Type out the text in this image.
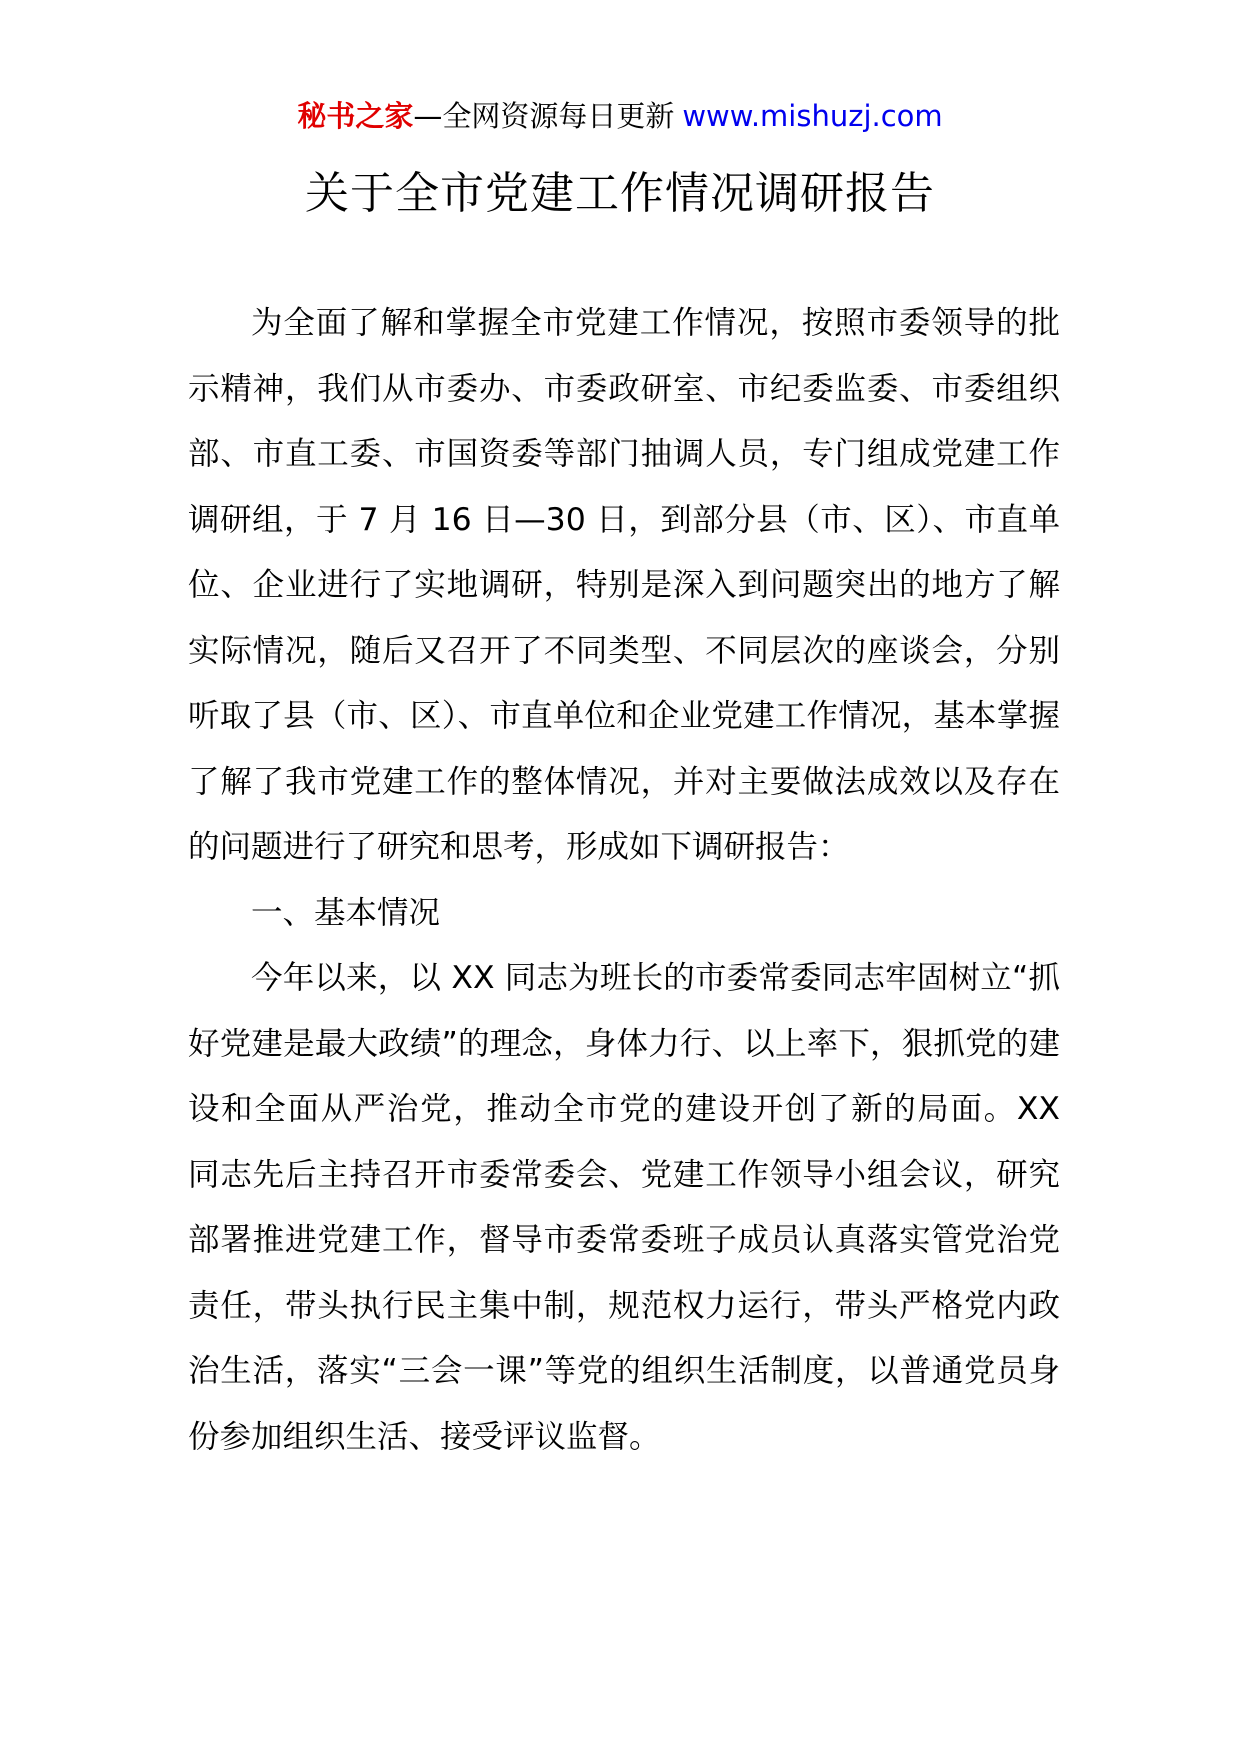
秘书之家—全网资源每日更新 www.mishuzj.com
关于全市党建工作情况调研报告

为全面了解和掌握全市党建工作情况，按照市委领导的批示精神，我们从市委办、市委政研室、市纪委监委、市委组织部、市直工委、市国资委等部门抽调人员，专门组成党建工作调研组，于 7 月 16 日—30 日，到部分县（市、区）、市直单位、企业进行了实地调研，特别是深入到问题突出的地方了解实际情况，随后又召开了不同类型、不同层次的座谈会，分别听取了县（市、区）、市直单位和企业党建工作情况，基本掌握了解了我市党建工作的整体情况，并对主要做法成效以及存在的问题进行了研究和思考，形成如下调研报告：

一、基本情况

今年以来，以 XX 同志为班长的市委常委同志牢固树立“抓好党建是最大政绩”的理念，身体力行、以上率下，狠抓党的建设和全面从严治党，推动全市党的建设开创了新的局面。XX 同志先后主持召开市委常委会、党建工作领导小组会议，研究部署推进党建工作，督导市委常委班子成员认真落实管党治党责任，带头执行民主集中制，规范权力运行，带头严格党内政治生活，落实“三会一课”等党的组织生活制度，以普通党员身份参加组织生活、接受评议监督。
